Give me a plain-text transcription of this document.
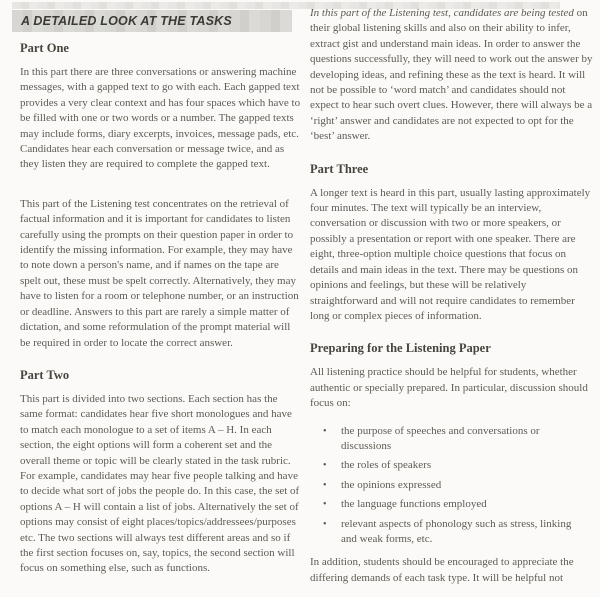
A DETAILED LOOK AT THE TASKS
Part One

In this part there are three conversations or answering machine messages, with a gapped text to go with each. Each gapped text provides a very clear context and has four spaces which have to be filled with one or two words or a number. The gapped texts may include forms, diary excerpts, invoices, message pads, etc. Candidates hear each conversation or message twice, and as they listen they are required to complete the gapped text.

This part of the Listening test concentrates on the retrieval of factual information and it is important for candidates to listen carefully using the prompts on their question paper in order to identify the missing information. For example, they may have to note down a person's name, and if names on the tape are spelt out, these must be spelt correctly. Alternatively, they may have to listen for a room or telephone number, or an instruction or deadline. Answers to this part are rarely a simple matter of dictation, and some reformulation of the prompt material will be required in order to locate the correct answer.

Part Two

This part is divided into two sections. Each section has the same format: candidates hear five short monologues and have to match each monologue to a set of items A – H. In each section, the eight options will form a coherent set and the overall theme or topic will be clearly stated in the task rubric. For example, candidates may hear five people talking and have to decide what sort of jobs the people do. In this case, the set of options A – H will contain a list of jobs. Alternatively the set of options may consist of eight places/topics/addressees/purposes etc. The two sections will always test different areas and so if the first section focuses on, say, topics, the second section will focus on something else, such as functions.

In this part of the Listening test, candidates are being tested on their global listening skills and also on their ability to infer, extract gist and understand main ideas. In order to answer the questions successfully, they will need to work out the answer by developing ideas, and refining these as the text is heard. It will not be possible to ‘word match’ and candidates should not expect to hear such overt clues. However, there will always be a ‘right’ answer and candidates are not expected to opt for the ‘best’ answer.

Part Three

A longer text is heard in this part, usually lasting approximately four minutes. The text will typically be an interview, conversation or discussion with two or more speakers, or possibly a presentation or report with one speaker. There are eight, three-option multiple choice questions that focus on details and main ideas in the text. There may be questions on opinions and feelings, but these will be relatively straightforward and will not require candidates to remember long or complex pieces of information.

Preparing for the Listening Paper

All listening practice should be helpful for students, whether authentic or specially prepared. In particular, discussion should focus on:

•	the purpose of speeches and conversations or discussions
•	the roles of speakers
•	the opinions expressed
•	the language functions employed
•	relevant aspects of phonology such as stress, linking and weak forms, etc.

In addition, students should be encouraged to appreciate the differing demands of each task type. It will be helpful not
